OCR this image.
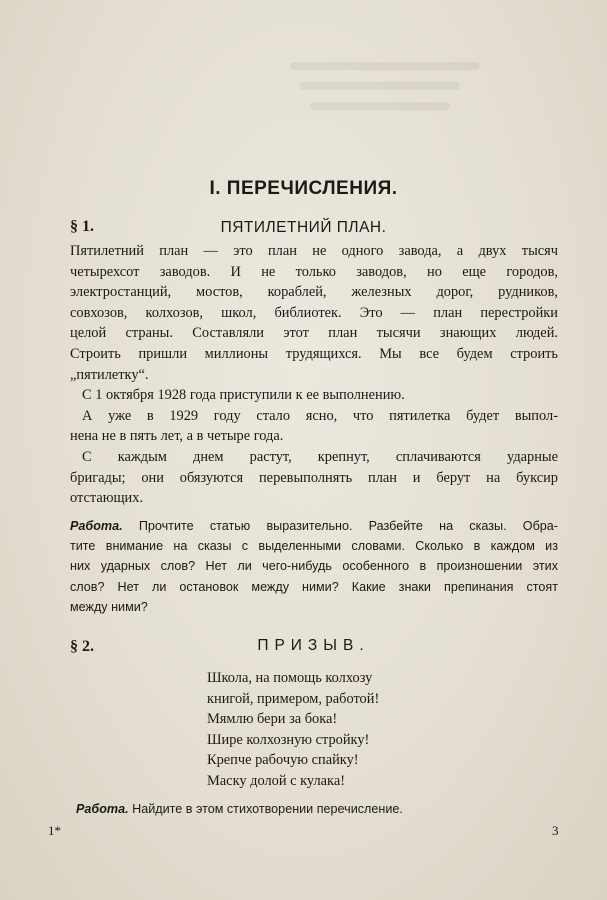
I. ПЕРЕЧИСЛЕНИЯ.
§ 1.	ПЯТИЛЕТНИЙ ПЛАН.
Пятилетний план — это план не одного завода, а двух тысяч
четырехсот заводов. И не только заводов, но еще городов,
электростанций, мостов, кораблей, железных дорог, рудников,
совхозов, колхозов, школ, библиотек. Это — план перестройки
целой страны. Составляли этот план тысячи знающих людей.
Строить пришли миллионы трудящихся. Мы все будем строить
„пятилетку“.
С 1 октября 1928 года приступили к ее выполнению.
А уже в 1929 году стало ясно, что пятилетка будет выпол-
нена не в пять лет, а в четыре года.
С каждым днем растут, крепнут, сплачиваются ударные
бригады; они обязуются перевыполнять план и берут на буксир
отстающих.
Работа. Прочтите статью выразительно. Разбейте на сказы. Обра-
тите внимание на сказы с выделенными словами. Сколько в каждом из
них ударных слов? Нет ли чего-нибудь особенного в произношении этих
слов? Нет ли остановок между ними? Какие знаки препинания стоят
между ними?
§ 2.	ПРИЗЫВ.
Школа, на помощь колхозу
книгой, примером, работой!
Мямлю бери за бока!
Шире колхозную стройку!
Крепче рабочую спайку!
Маску долой с кулака!
Работа. Найдите в этом стихотворении перечисление.
1*	3
